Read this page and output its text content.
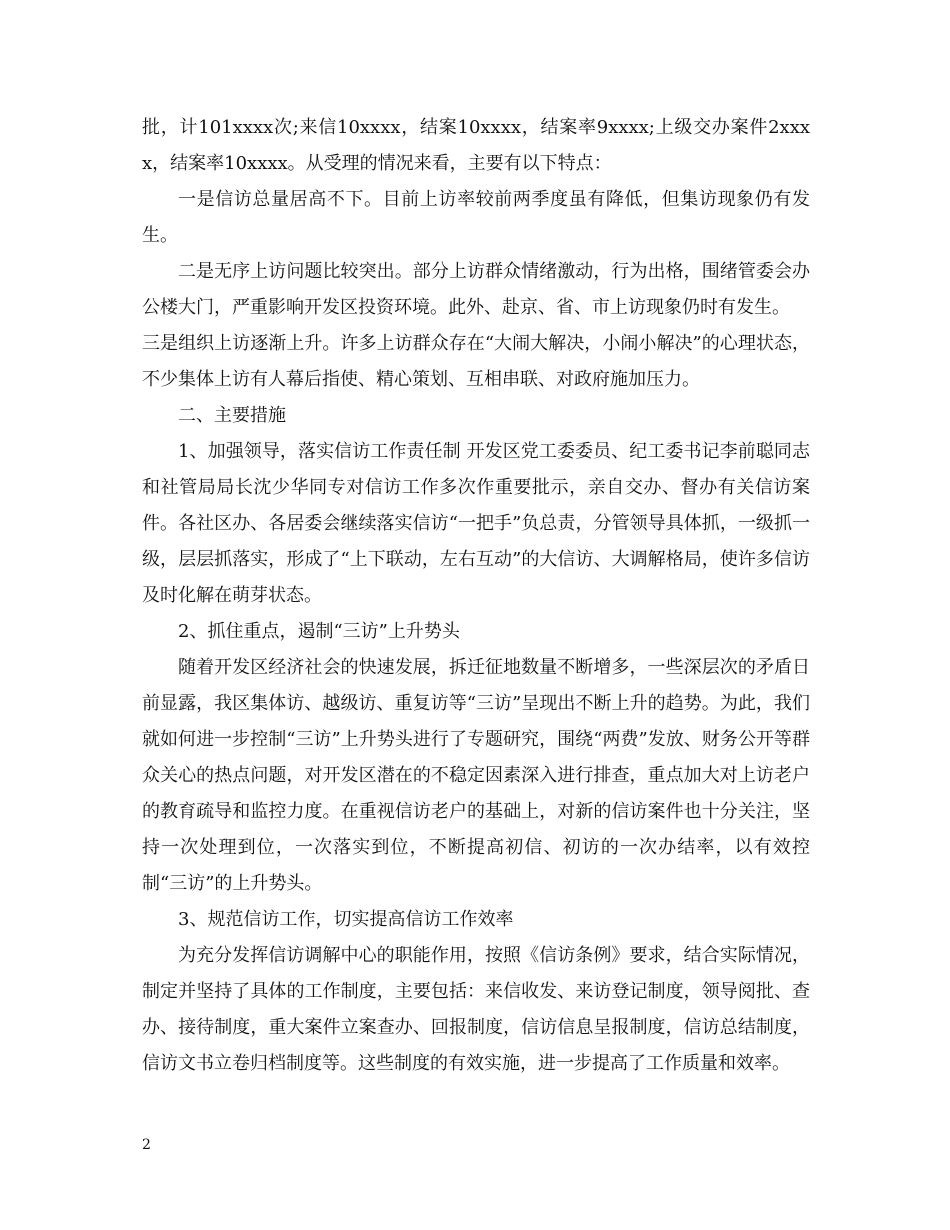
批，计101xxxx次;来信10xxxx，结案10xxxx，结案率9xxxx;上级交办案件2xxxx，结案率10xxxx。从受理的情况来看，主要有以下特点：

一是信访总量居高不下。目前上访率较前两季度虽有降低，但集访现象仍有发生。

二是无序上访问题比较突出。部分上访群众情绪激动，行为出格，围绪管委会办公楼大门，严重影响开发区投资环境。此外、赴京、省、市上访现象仍时有发生。

三是组织上访逐渐上升。许多上访群众存在“大闹大解决，小闹小解决”的心理状态，不少集体上访有人幕后指使、精心策划、互相串联、对政府施加压力。

二、主要措施

1、加强领导，落实信访工作责任制 开发区党工委委员、纪工委书记李前聪同志和社管局局长沈少华同专对信访工作多次作重要批示，亲自交办、督办有关信访案件。各社区办、各居委会继续落实信访“一把手”负总责，分管领导具体抓，一级抓一级，层层抓落实，形成了“上下联动，左右互动”的大信访、大调解格局，使许多信访及时化解在萌芽状态。

2、抓住重点，遏制“三访”上升势头

随着开发区经济社会的快速发展，拆迁征地数量不断增多，一些深层次的矛盾日前显露，我区集体访、越级访、重复访等“三访”呈现出不断上升的趋势。为此，我们就如何进一步控制“三访”上升势头进行了专题研究，围绕“两费”发放、财务公开等群众关心的热点问题，对开发区潜在的不稳定因素深入进行排查，重点加大对上访老户的教育疏导和监控力度。在重视信访老户的基础上，对新的信访案件也十分关注，坚持一次处理到位，一次落实到位，不断提高初信、初访的一次办结率，以有效控制“三访”的上升势头。

3、规范信访工作，切实提高信访工作效率

为充分发挥信访调解中心的职能作用，按照《信访条例》要求，结合实际情况，制定并坚持了具体的工作制度，主要包括：来信收发、来访登记制度，领导阅批、查办、接待制度，重大案件立案查办、回报制度，信访信息呈报制度，信访总结制度，信访文书立卷归档制度等。这些制度的有效实施，进一步提高了工作质量和效率。

2
